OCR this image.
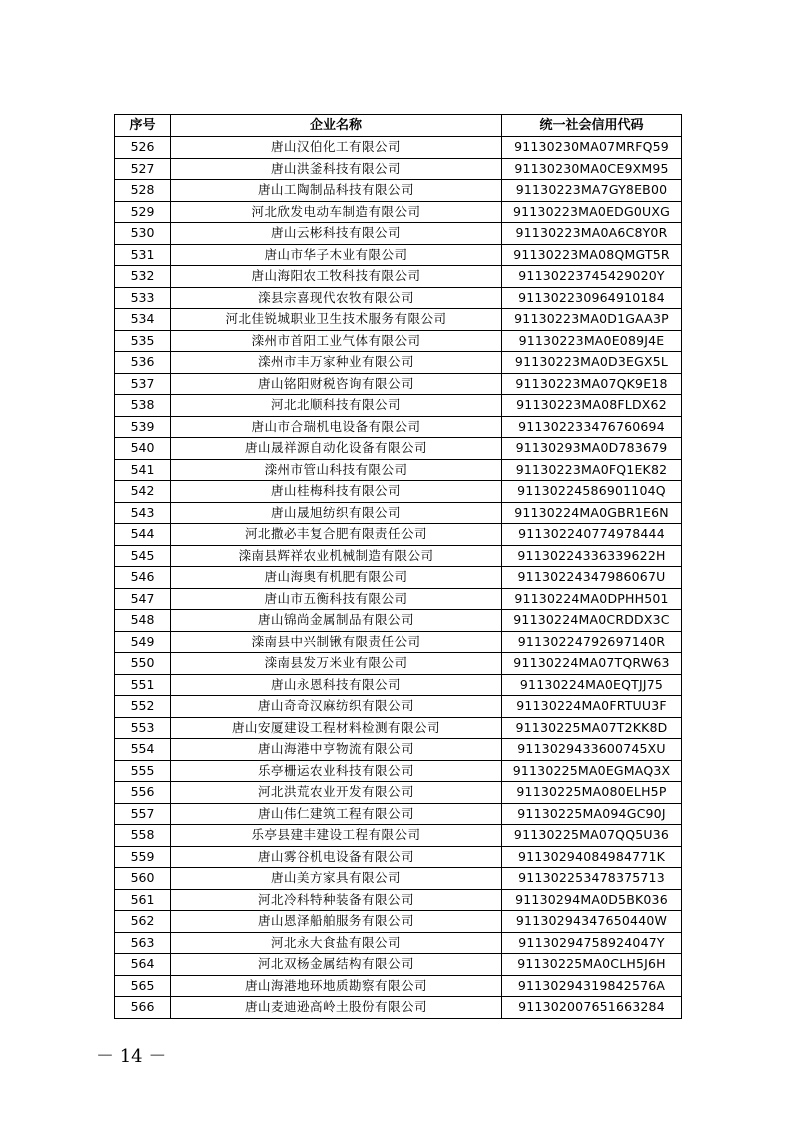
序号	企业名称	统一社会信用代码
526	唐山汉伯化工有限公司	91130230MA07MRFQ59
527	唐山洪釜科技有限公司	91130230MA0CE9XM95
528	唐山工陶制品科技有限公司	91130223MA7GY8EB00
529	河北欣发电动车制造有限公司	91130223MA0EDG0UXG
530	唐山云彬科技有限公司	91130223MA0A6C8Y0R
531	唐山市华子木业有限公司	91130223MA08QMGT5R
532	唐山海阳农工牧科技有限公司	91130223745429020Y
533	滦县宗喜现代农牧有限公司	911302230964910184
534	河北佳锐城职业卫生技术服务有限公司	91130223MA0D1GAA3P
535	滦州市首阳工业气体有限公司	91130223MA0E089J4E
536	滦州市丰万家种业有限公司	91130223MA0D3EGX5L
537	唐山铭阳财税咨询有限公司	91130223MA07QK9E18
538	河北北顺科技有限公司	91130223MA08FLDX62
539	唐山市合瑞机电设备有限公司	911302233476760694
540	唐山晟祥源自动化设备有限公司	91130293MA0D783679
541	滦州市管山科技有限公司	91130223MA0FQ1EK82
542	唐山桂梅科技有限公司	91130224586901104Q
543	唐山晟旭纺织有限公司	91130224MA0GBR1E6N
544	河北撒必丰复合肥有限责任公司	911302240774978444
545	滦南县辉祥农业机械制造有限公司	91130224336339622H
546	唐山海奥有机肥有限公司	91130224347986067U
547	唐山市五衡科技有限公司	91130224MA0DPHH501
548	唐山锦尚金属制品有限公司	91130224MA0CRDDX3C
549	滦南县中兴制锹有限责任公司	91130224792697140R
550	滦南县发万米业有限公司	91130224MA07TQRW63
551	唐山永恩科技有限公司	91130224MA0EQTJJ75
552	唐山奇奇汉麻纺织有限公司	91130224MA0FRTUU3F
553	唐山安厦建设工程材料检测有限公司	91130225MA07T2KK8D
554	唐山海港中亨物流有限公司	9113029433600745XU
555	乐亭栅运农业科技有限公司	91130225MA0EGMAQ3X
556	河北洪荒农业开发有限公司	91130225MA080ELH5P
557	唐山伟仁建筑工程有限公司	91130225MA094GC90J
558	乐亭县建丰建设工程有限公司	91130225MA07QQ5U36
559	唐山雾谷机电设备有限公司	91130294084984771K
560	唐山美方家具有限公司	911302253478375713
561	河北冷科特种装备有限公司	91130294MA0D5BK036
562	唐山恩泽船舶服务有限公司	91130294347650440W
563	河北永大食盐有限公司	91130294758924047Y
564	河北双杨金属结构有限公司	91130225MA0CLH5J6H
565	唐山海港地环地质勘察有限公司	91130294319842576A
566	唐山麦迪逊高岭土股份有限公司	911302007651663284
－ 14 －
